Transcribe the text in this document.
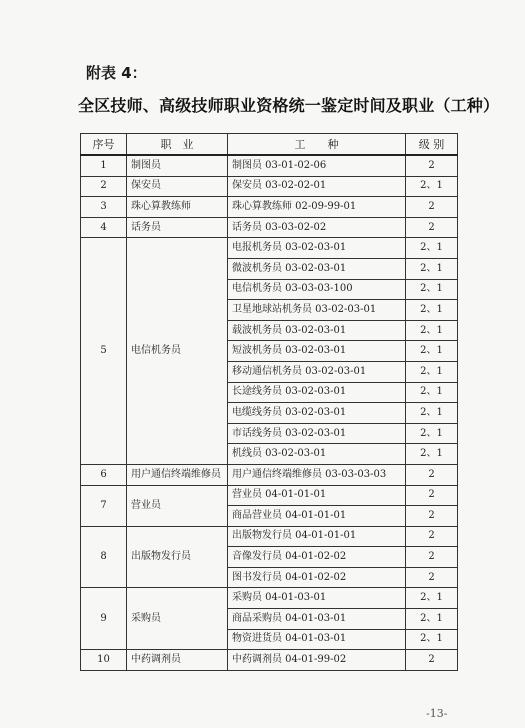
附表 4：
全区技师、高级技师职业资格统一鉴定时间及职业（工种）
序号	职　业	工　　种	级 别
1	制图员	制图员 03-01-02-06	2
2	保安员	保安员 03-02-02-01	2、1
3	珠心算教练师	珠心算教练师 02-09-99-01	2
4	话务员	话务员 03-03-02-02	2
5	电信机务员	电报机务员 03-02-03-01	2、1
		微波机务员 03-02-03-01	2、1
		电信机务员 03-03-03-100	2、1
		卫星地球站机务员 03-02-03-01	2、1
		载波机务员 03-02-03-01	2、1
		短波机务员 03-02-03-01	2、1
		移动通信机务员 03-02-03-01	2、1
		长途线务员 03-02-03-01	2、1
		电缆线务员 03-02-03-01	2、1
		市话线务员 03-02-03-01	2、1
		机线员 03-02-03-01	2、1
6	用户通信终端维修员	用户通信终端维修员 03-03-03-03	2
7	营业员	营业员 04-01-01-01	2
		商品营业员 04-01-01-01	2
8	出版物发行员	出版物发行员 04-01-01-01	2
		音像发行员 04-01-02-02	2
		图书发行员 04-01-02-02	2
9	采购员	采购员 04-01-03-01	2、1
		商品采购员 04-01-03-01	2、1
		物资进货员 04-01-03-01	2、1
10	中药调剂员	中药调剂员 04-01-99-02	2
-13-
